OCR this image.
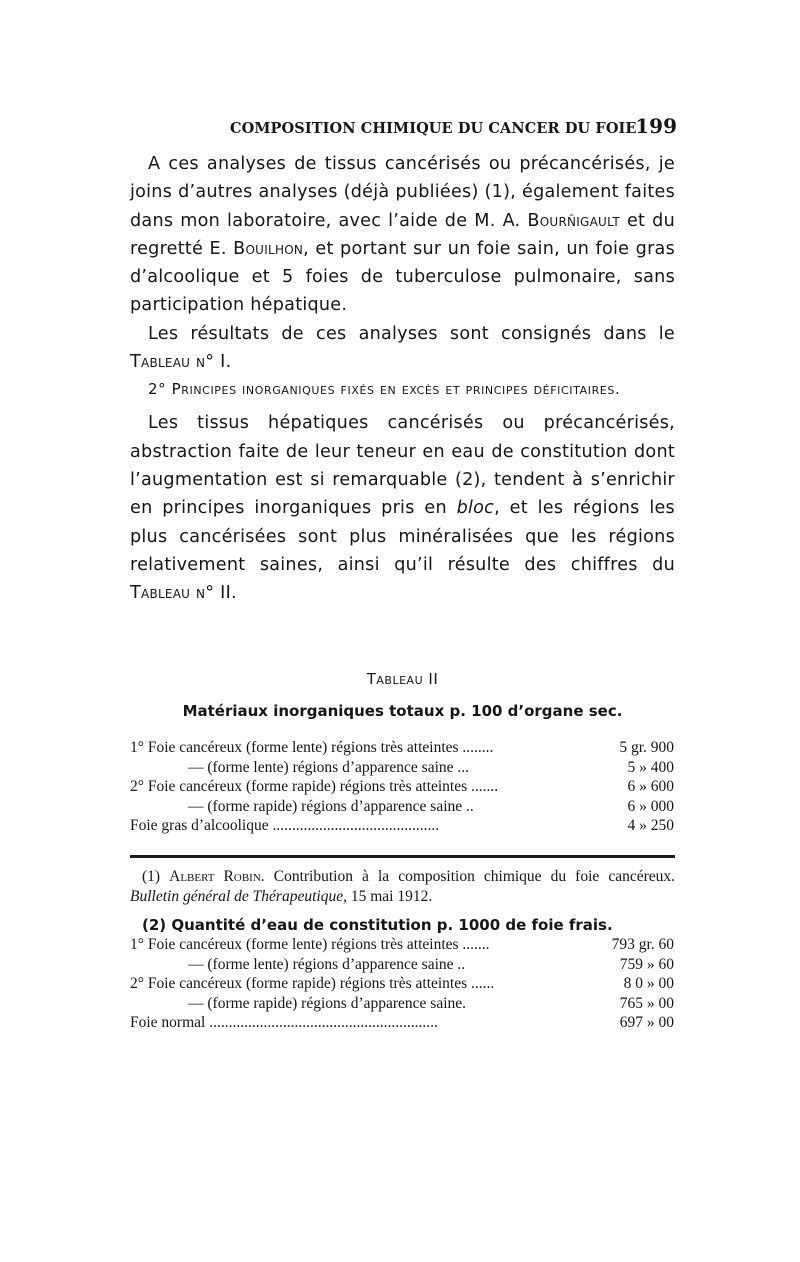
COMPOSITION CHIMIQUE DU CANCER DU FOIE
199

A ces analyses de tissus cancérisés ou précancérisés, je joins d’autres analyses (déjà publiées) (1), également faites dans mon laboratoire, avec l’aide de M. A. Bourñigault et du regretté E. Bouilhon, et portant sur un foie sain, un foie gras d’alcoolique et 5 foies de tuberculose pulmonaire, sans participation hépatique.

Les résultats de ces analyses sont consignés dans le Tableau n° I.

2° Principes inorganiques fixés en excès et principes déficitaires.

Les tissus hépatiques cancérisés ou précancérisés, abstraction faite de leur teneur en eau de constitution dont l’augmentation est si remarquable (2), tendent à s’enrichir en principes inorganiques pris en bloc, et les régions les plus cancérisées sont plus minéralisées que les régions relativement saines, ainsi qu’il résulte des chiffres du Tableau n° II.

Tableau II
Matériaux inorganiques totaux p. 100 d’organe sec.
1° Foie cancéreux (forme lente) régions très atteintes ........	5 gr. 900
— (forme lente) régions d’apparence saine ...	5 » 400
2° Foie cancéreux (forme rapide) régions très atteintes .......	6 » 600
— (forme rapide) régions d’apparence saine ..	6 » 000
Foie gras d’alcoolique ...........................................	4 » 250

(1) Albert Robin. Contribution à la composition chimique du foie cancéreux. Bulletin général de Thérapeutique, 15 mai 1912.

(2) Quantité d’eau de constitution p. 1000 de foie frais.

1° Foie cancéreux (forme lente) régions très atteintes .......	793 gr. 60
— (forme lente) régions d’apparence saine ..	759 » 60
2° Foie cancéreux (forme rapide) régions très atteintes ......	8 0 » 00
— (forme rapide) régions d’apparence saine.	765 » 00
Foie normal ...........................................................	697 » 00
